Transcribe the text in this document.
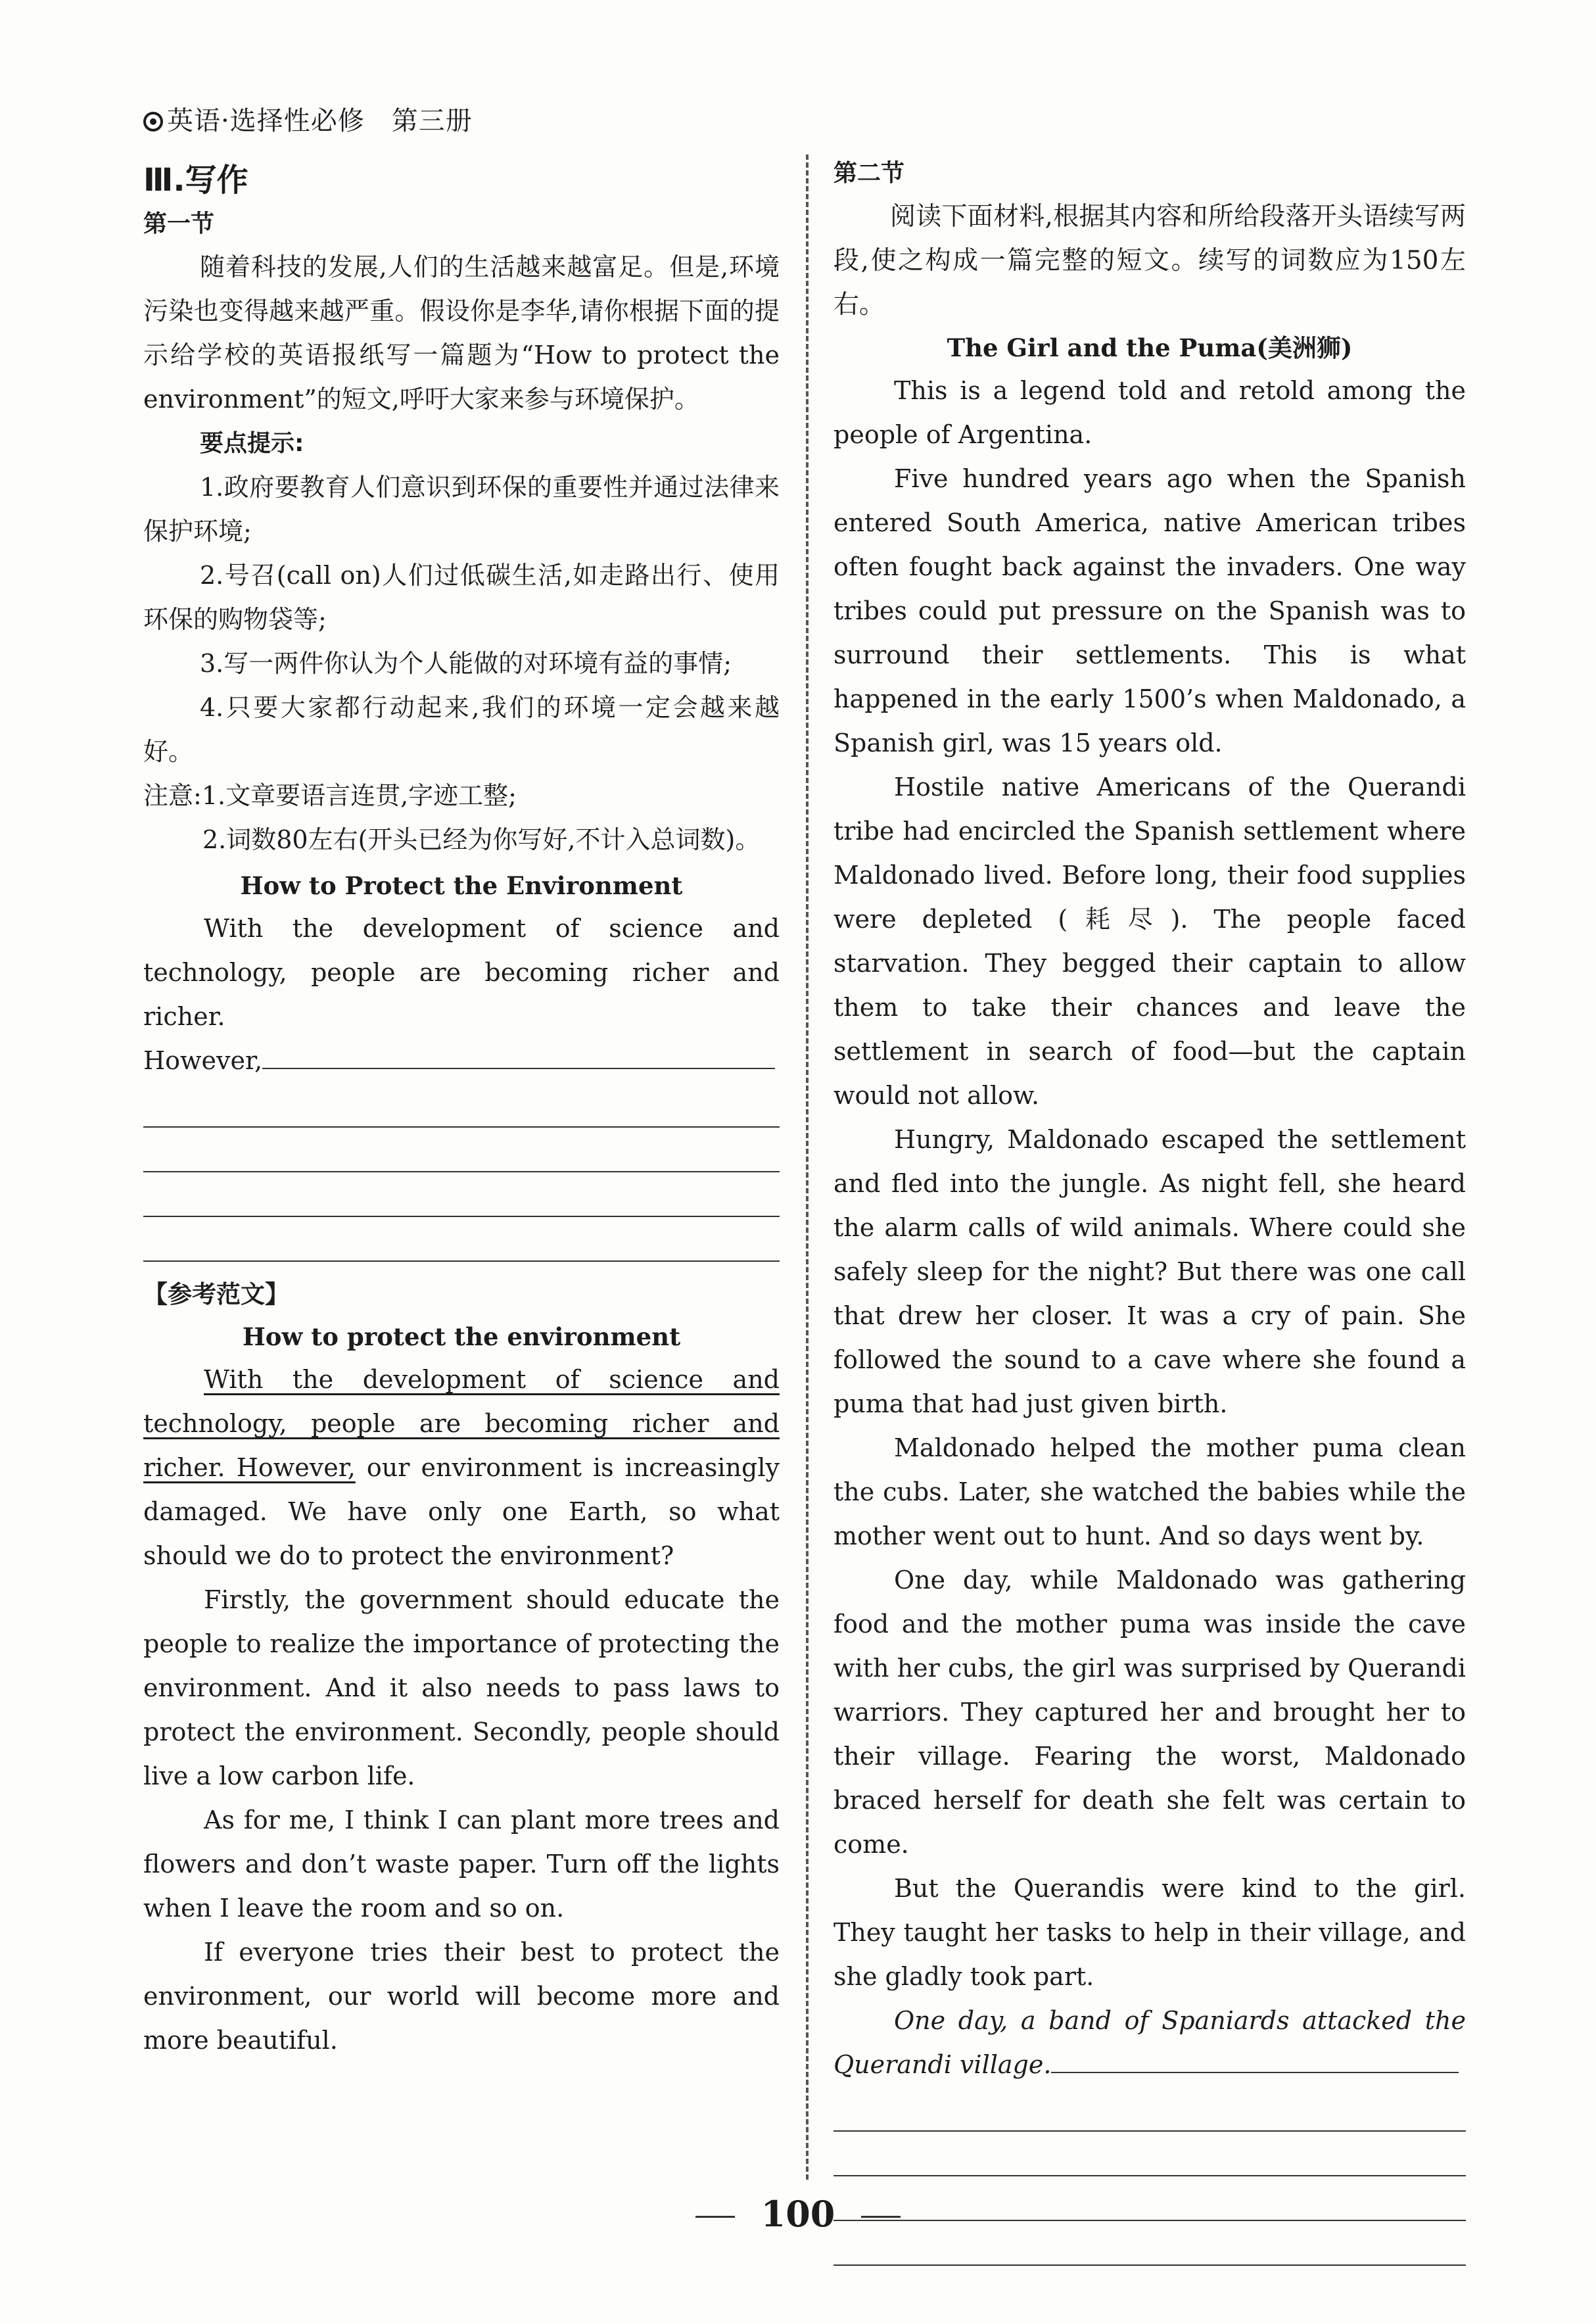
英语·选择性必修　第三册
Ⅲ.写作
第一节

随着科技的发展,人们的生活越来越富足。但是,环境污染也变得越来越严重。假设你是李华,请你根据下面的提示给学校的英语报纸写一篇题为“How to protect the environment”的短文,呼吁大家来参与环境保护。

要点提示:

1.政府要教育人们意识到环保的重要性并通过法律来保护环境;

2.号召(call on)人们过低碳生活,如走路出行、使用环保的购物袋等;

3.写一两件你认为个人能做的对环境有益的事情;

4.只要大家都行动起来,我们的环境一定会越来越好。

注意:1.文章要语言连贯,字迹工整;

2.词数80左右(开头已经为你写好,不计入总词数)。

How to Protect the Environment

With the development of science and technology, people are becoming richer and richer.

However,

【参考范文】
How to protect the environment

With the development of science and technology, people are becoming richer and richer. However, our environment is increasingly damaged. We have only one Earth, so what should we do to protect the environment?

Firstly, the government should educate the people to realize the importance of protecting the environment. And it also needs to pass laws to protect the environment. Secondly, people should live a low carbon life.

As for me, I think I can plant more trees and flowers and don’t waste paper. Turn off the lights when I leave the room and so on.

If everyone tries their best to protect the environment, our world will become more and more beautiful.

第二节

阅读下面材料,根据其内容和所给段落开头语续写两段,使之构成一篇完整的短文。续写的词数应为150左右。

The Girl and the Puma(美洲狮)

This is a legend told and retold among the people of Argentina.

Five hundred years ago when the Spanish entered South America, native American tribes often fought back against the invaders. One way tribes could put pressure on the Spanish was to surround their settlements. This is what happened in the early 1500’s when Maldonado, a Spanish girl, was 15 years old.

Hostile native Americans of the Querandi tribe had encircled the Spanish settlement where Maldonado lived. Before long, their food supplies were depleted (耗尽). The people faced starvation. They begged their captain to allow them to take their chances and leave the settlement in search of food—but the captain would not allow.

Hungry, Maldonado escaped the settlement and fled into the jungle. As night fell, she heard the alarm calls of wild animals. Where could she safely sleep for the night? But there was one call that drew her closer. It was a cry of pain. She followed the sound to a cave where she found a puma that had just given birth.

Maldonado helped the mother puma clean the cubs. Later, she watched the babies while the mother went out to hunt. And so days went by.

One day, while Maldonado was gathering food and the mother puma was inside the cave with her cubs, the girl was surprised by Querandi warriors. They captured her and brought her to their village. Fearing the worst, Maldonado braced herself for death she felt was certain to come.

But the Querandis were kind to the girl. They taught her tasks to help in their village, and she gladly took part.

One day, a band of Spaniards attacked the Querandi village.

100
